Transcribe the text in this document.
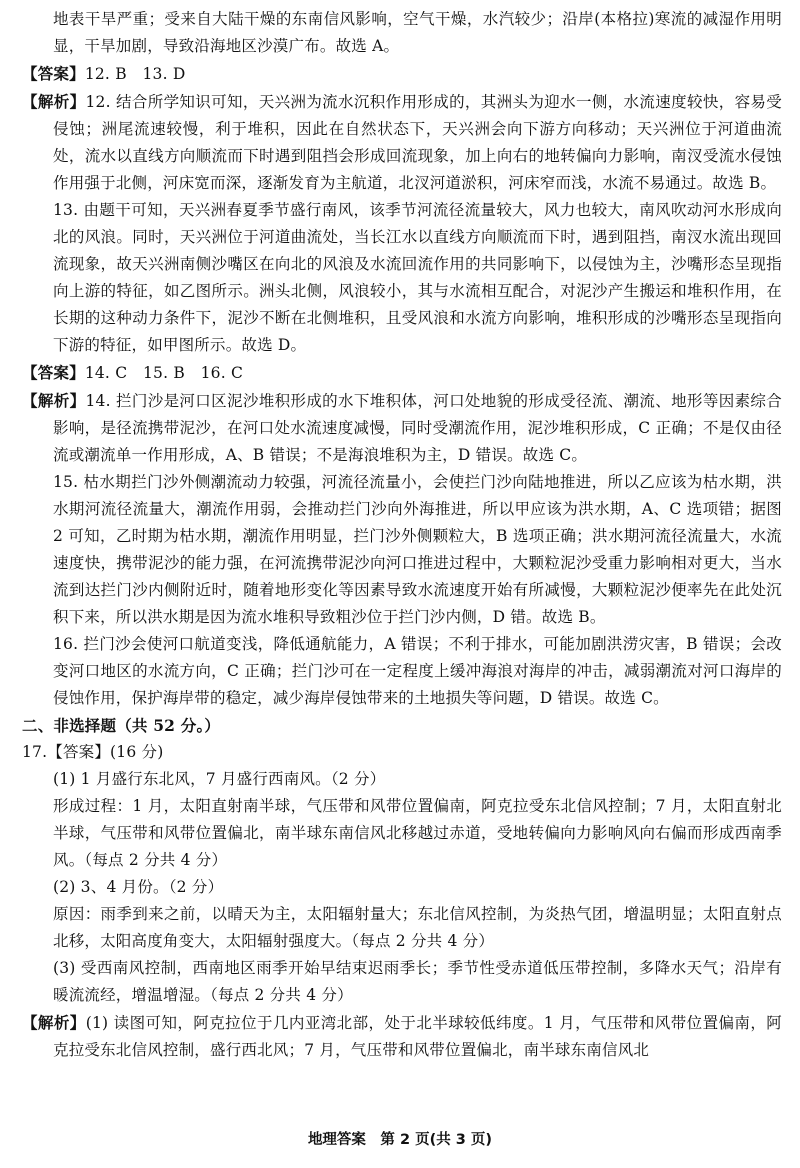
地表干旱严重；受来自大陆干燥的东南信风影响，空气干燥，水汽较少；沿岸(本格拉)寒流的减湿作用明显，干旱加剧，导致沿海地区沙漠广布。故选 A。

【答案】12. B　13. D

【解析】12. 结合所学知识可知，天兴洲为流水沉积作用形成的，其洲头为迎水一侧，水流速度较快，容易受侵蚀；洲尾流速较慢，利于堆积，因此在自然状态下，天兴洲会向下游方向移动；天兴洲位于河道曲流处，流水以直线方向顺流而下时遇到阻挡会形成回流现象，加上向右的地转偏向力影响，南汊受流水侵蚀作用强于北侧，河床宽而深，逐渐发育为主航道，北汊河道淤积，河床窄而浅，水流不易通过。故选 B。

13. 由题干可知，天兴洲春夏季节盛行南风，该季节河流径流量较大，风力也较大，南风吹动河水形成向北的风浪。同时，天兴洲位于河道曲流处，当长江水以直线方向顺流而下时，遇到阻挡，南汊水流出现回流现象，故天兴洲南侧沙嘴区在向北的风浪及水流回流作用的共同影响下，以侵蚀为主，沙嘴形态呈现指向上游的特征，如乙图所示。洲头北侧，风浪较小，其与水流相互配合，对泥沙产生搬运和堆积作用，在长期的这种动力条件下，泥沙不断在北侧堆积，且受风浪和水流方向影响，堆积形成的沙嘴形态呈现指向下游的特征，如甲图所示。故选 D。

【答案】14. C　15. B　16. C

【解析】14. 拦门沙是河口区泥沙堆积形成的水下堆积体，河口处地貌的形成受径流、潮流、地形等因素综合影响，是径流携带泥沙，在河口处水流速度减慢，同时受潮流作用，泥沙堆积形成，C 正确；不是仅由径流或潮流单一作用形成，A、B 错误；不是海浪堆积为主，D 错误。故选 C。

15. 枯水期拦门沙外侧潮流动力较强，河流径流量小，会使拦门沙向陆地推进，所以乙应该为枯水期，洪水期河流径流量大，潮流作用弱，会推动拦门沙向外海推进，所以甲应该为洪水期，A、C 选项错；据图 2 可知，乙时期为枯水期，潮流作用明显，拦门沙外侧颗粒大，B 选项正确；洪水期河流径流量大，水流速度快，携带泥沙的能力强，在河流携带泥沙向河口推进过程中，大颗粒泥沙受重力影响相对更大，当水流到达拦门沙内侧附近时，随着地形变化等因素导致水流速度开始有所减慢，大颗粒泥沙便率先在此处沉积下来，所以洪水期是因为流水堆积导致粗沙位于拦门沙内侧，D 错。故选 B。

16. 拦门沙会使河口航道变浅，降低通航能力，A 错误；不利于排水，可能加剧洪涝灾害，B 错误；会改变河口地区的水流方向，C 正确；拦门沙可在一定程度上缓冲海浪对海岸的冲击，减弱潮流对河口海岸的侵蚀作用，保护海岸带的稳定，减少海岸侵蚀带来的土地损失等问题，D 错误。故选 C。

二、非选择题（共 52 分。）

17.【答案】(16 分)

(1) 1 月盛行东北风，7 月盛行西南风。（2 分）

形成过程：1 月，太阳直射南半球，气压带和风带位置偏南，阿克拉受东北信风控制；7 月，太阳直射北半球，气压带和风带位置偏北，南半球东南信风北移越过赤道，受地转偏向力影响风向右偏而形成西南季风。（每点 2 分共 4 分）

(2) 3、4 月份。（2 分）

原因：雨季到来之前，以晴天为主，太阳辐射量大；东北信风控制，为炎热气团，增温明显；太阳直射点北移，太阳高度角变大，太阳辐射强度大。（每点 2 分共 4 分）

(3) 受西南风控制，西南地区雨季开始早结束迟雨季长；季节性受赤道低压带控制，多降水天气；沿岸有暖流流经，增温增湿。（每点 2 分共 4 分）

【解析】(1) 读图可知，阿克拉位于几内亚湾北部，处于北半球较低纬度。1 月，气压带和风带位置偏南，阿克拉受东北信风控制，盛行西北风；7 月，气压带和风带位置偏北，南半球东南信风北

地理答案　第 2 页(共 3 页)
